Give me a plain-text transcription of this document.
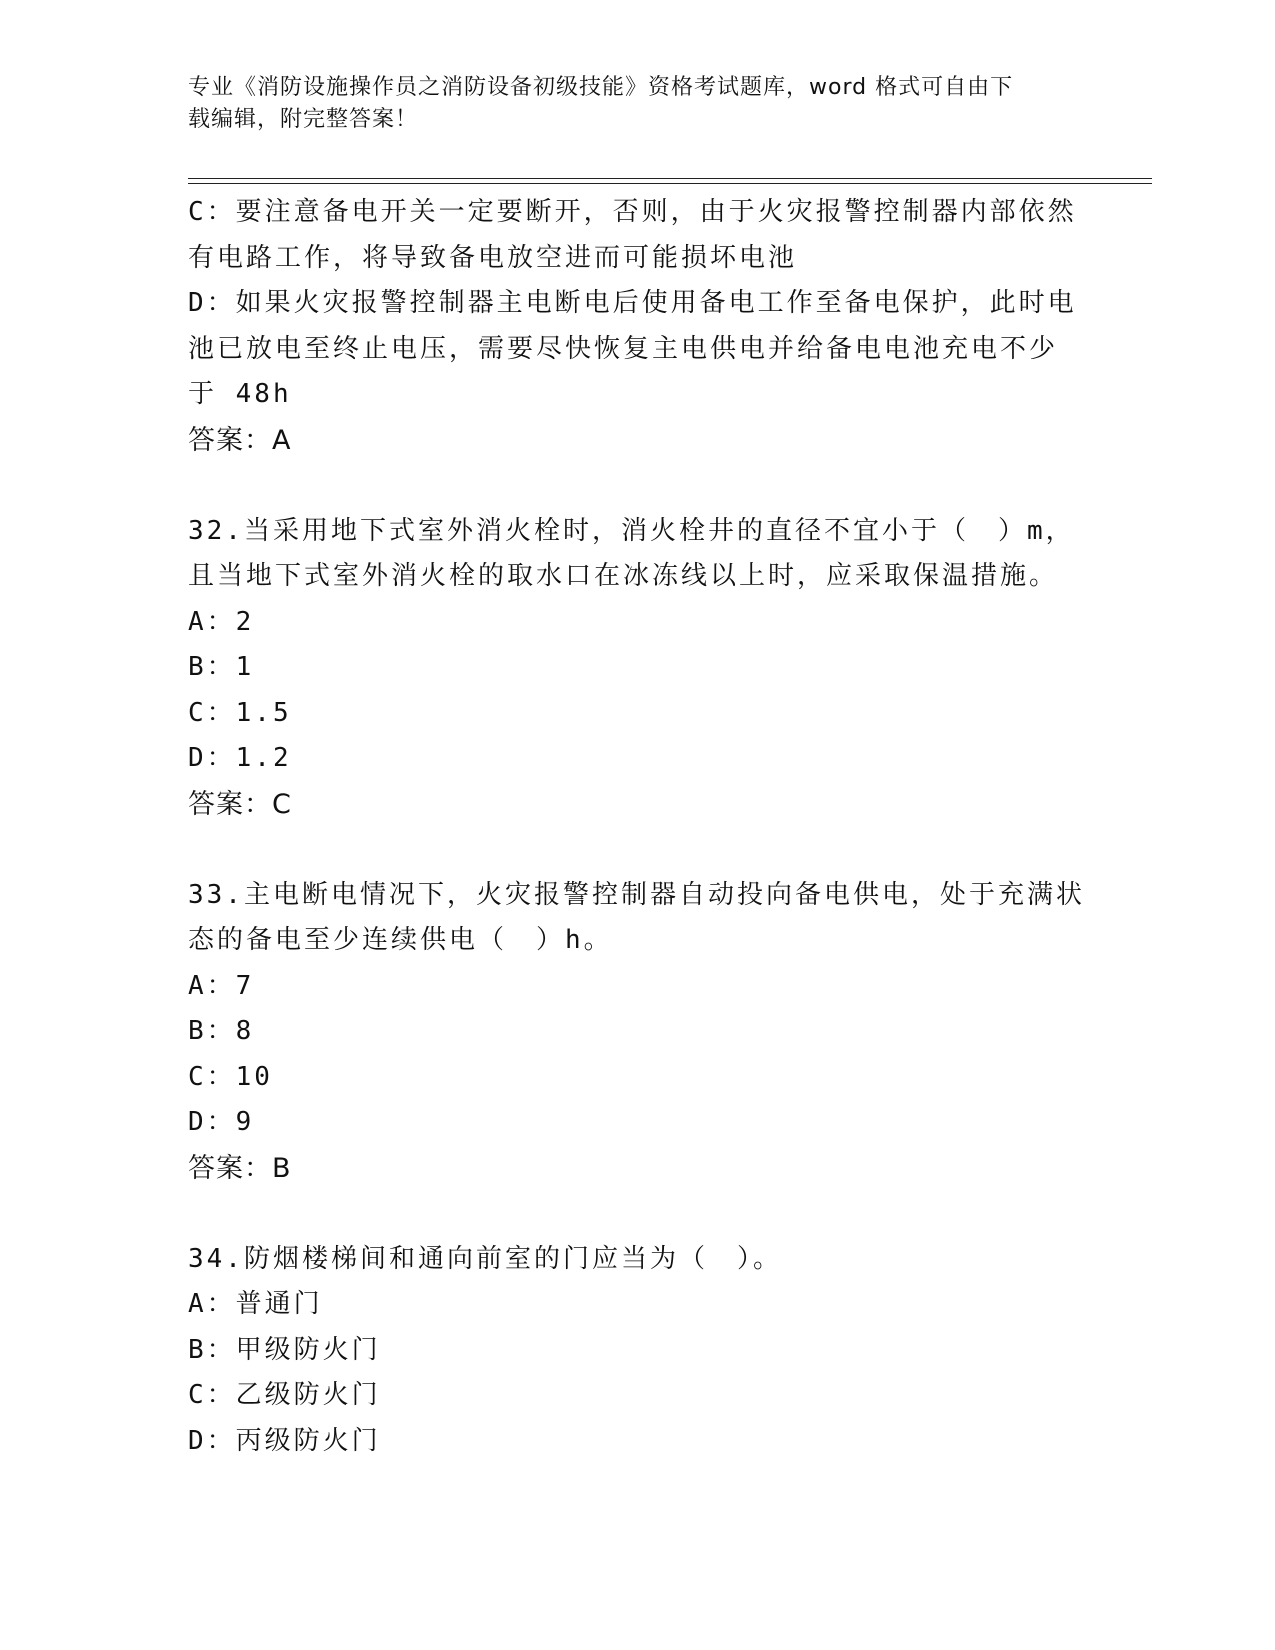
专业《消防设施操作员之消防设备初级技能》资格考试题库，word 格式可自由下
载编辑，附完整答案！
C：要注意备电开关一定要断开，否则，由于火灾报警控制器内部依然
有电路工作，将导致备电放空进而可能损坏电池
D：如果火灾报警控制器主电断电后使用备电工作至备电保护，此时电
池已放电至终止电压，需要尽快恢复主电供电并给备电电池充电不少
于 48h
答案：A
32.当采用地下式室外消火栓时，消火栓井的直径不宜小于（　）m，
且当地下式室外消火栓的取水口在冰冻线以上时，应采取保温措施。
A：2
B：1
C：1.5
D：1.2
答案：C
33.主电断电情况下，火灾报警控制器自动投向备电供电，处于充满状
态的备电至少连续供电（　）h。
A：7
B：8
C：10
D：9
答案：B
34.防烟楼梯间和通向前室的门应当为（　）。
A：普通门
B：甲级防火门
C：乙级防火门
D：丙级防火门
